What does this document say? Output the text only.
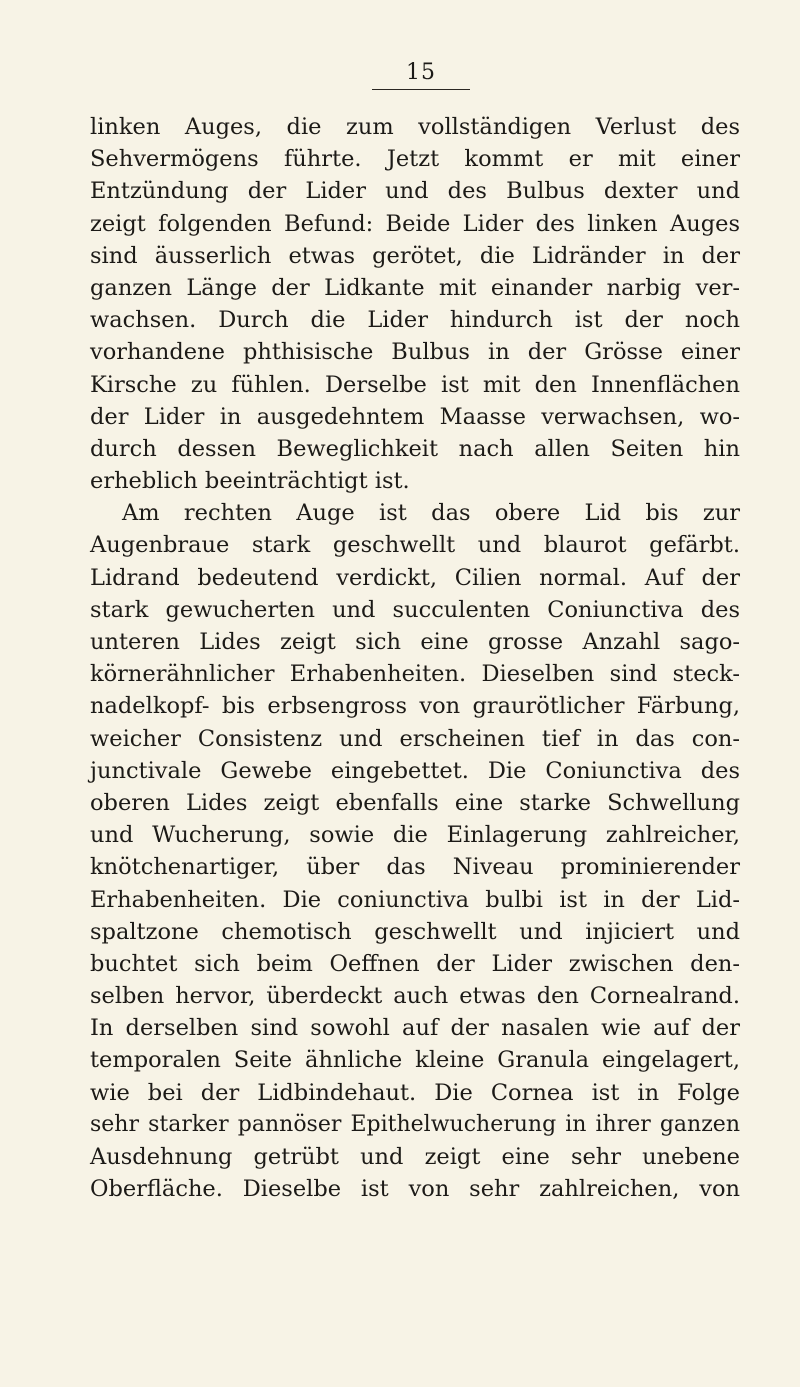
15
linken Auges, die zum vollständigen Verlust des
Sehvermögens führte. Jetzt kommt er mit einer
Entzündung der Lider und des Bulbus dexter und
zeigt folgenden Befund: Beide Lider des linken Auges
sind äusserlich etwas gerötet, die Lidränder in der
ganzen Länge der Lidkante mit einander narbig ver-
wachsen. Durch die Lider hindurch ist der noch
vorhandene phthisische Bulbus in der Grösse einer
Kirsche zu fühlen. Derselbe ist mit den Innenflächen
der Lider in ausgedehntem Maasse verwachsen, wo-
durch dessen Beweglichkeit nach allen Seiten hin
erheblich beeinträchtigt ist.
Am rechten Auge ist das obere Lid bis zur
Augenbraue stark geschwellt und blaurot gefärbt.
Lidrand bedeutend verdickt, Cilien normal. Auf der
stark gewucherten und succulenten Coniunctiva des
unteren Lides zeigt sich eine grosse Anzahl sago-
körnerähnlicher Erhabenheiten. Dieselben sind steck-
nadelkopf- bis erbsengross von graurötlicher Färbung,
weicher Consistenz und erscheinen tief in das con-
junctivale Gewebe eingebettet. Die Coniunctiva des
oberen Lides zeigt ebenfalls eine starke Schwellung
und Wucherung, sowie die Einlagerung zahlreicher,
knötchenartiger, über das Niveau prominierender
Erhabenheiten. Die coniunctiva bulbi ist in der Lid-
spaltzone chemotisch geschwellt und injiciert und
buchtet sich beim Oeffnen der Lider zwischen den-
selben hervor, überdeckt auch etwas den Cornealrand.
In derselben sind sowohl auf der nasalen wie auf der
temporalen Seite ähnliche kleine Granula eingelagert,
wie bei der Lidbindehaut. Die Cornea ist in Folge
sehr starker pannöser Epithelwucherung in ihrer ganzen
Ausdehnung getrübt und zeigt eine sehr unebene
Oberfläche. Dieselbe ist von sehr zahlreichen, von
